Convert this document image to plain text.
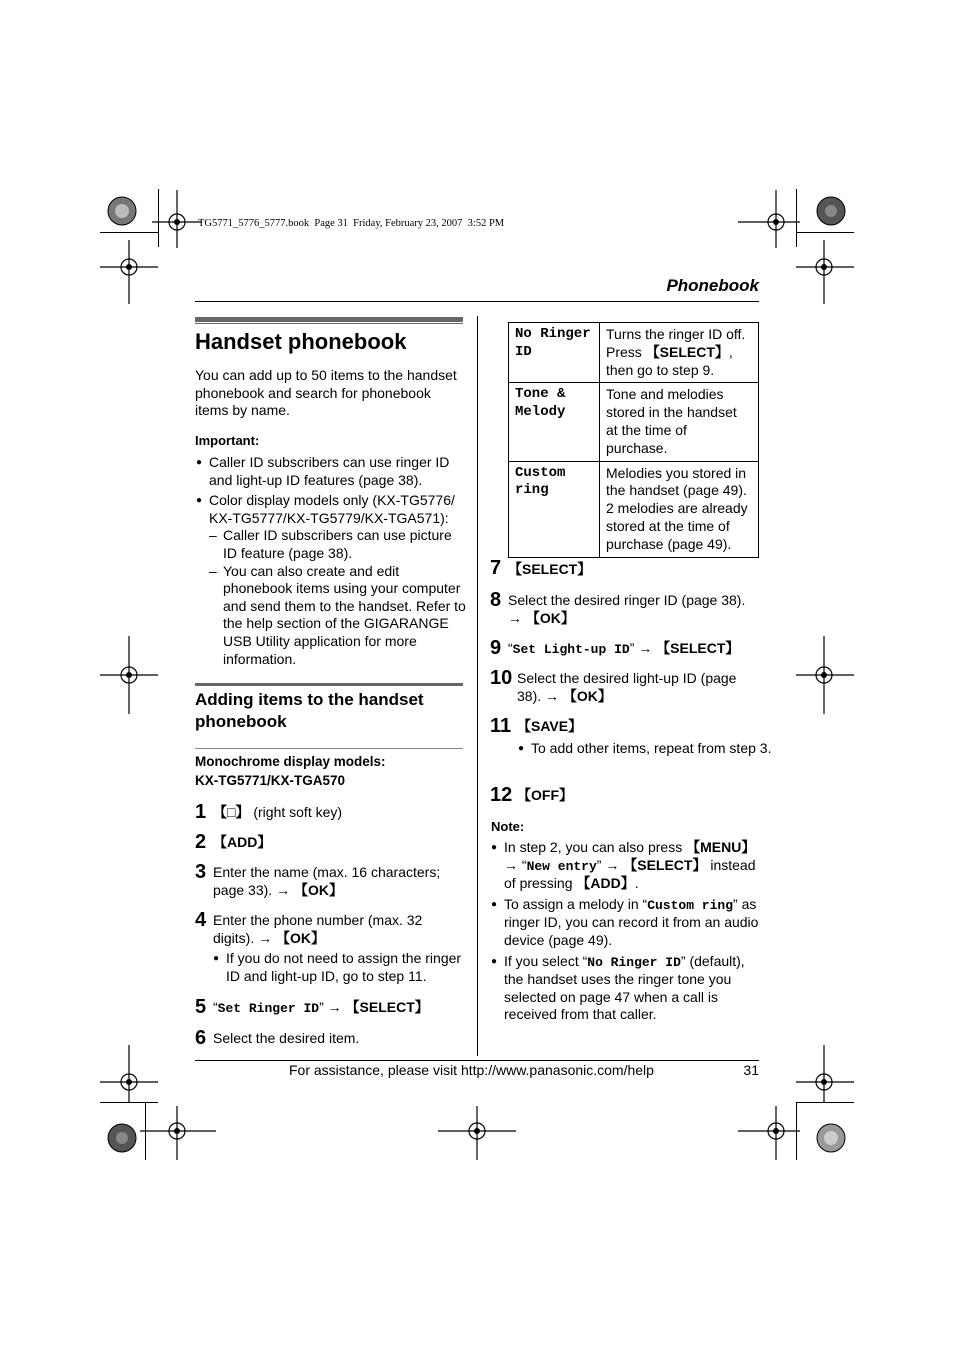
TG5771_5776_5777.book  Page 31  Friday, February 23, 2007  3:52 PM
Phonebook
Handset phonebook
You can add up to 50 items to the handset phonebook and search for phonebook items by name.
Important:
● Caller ID subscribers can use ringer ID and light-up ID features (page 38).
● Color display models only (KX-TG5776/ KX-TG5777/KX-TG5779/KX-TGA571):
– Caller ID subscribers can use picture ID feature (page 38).
– You can also create and edit phonebook items using your computer and send them to the handset. Refer to the help section of the GIGARANGE USB Utility application for more information.
Adding items to the handset
phonebook
Monochrome display models:
KX-TG5771/KX-TGA570
1 【□】 (right soft key)
2 【ADD】
3 Enter the name (max. 16 characters;
page 33). → 【OK】
4 Enter the phone number (max. 32
digits). → 【OK】
● If you do not need to assign the ringer ID and light-up ID, go to step 11.
5 “Set Ringer ID” → 【SELECT】
6 Select the desired item.
No Ringer ID	Turns the ringer ID off. Press 【SELECT】, then go to step 9.
Tone & Melody	Tone and melodies stored in the handset at the time of purchase.
Custom ring	Melodies you stored in the handset (page 49). 2 melodies are already stored at the time of purchase (page 49).
7 【SELECT】
8 Select the desired ringer ID (page 38).
→ 【OK】
9 “Set Light-up ID” → 【SELECT】
10 Select the desired light-up ID (page
38). → 【OK】
11 【SAVE】
● To add other items, repeat from step 3.
12 【OFF】
Note:
● In step 2, you can also press 【MENU】 → “New entry” → 【SELECT】 instead of pressing 【ADD】.
● To assign a melody in “Custom ring” as ringer ID, you can record it from an audio device (page 49).
● If you select “No Ringer ID” (default), the handset uses the ringer tone you selected on page 47 when a call is received from that caller.
For assistance, please visit http://www.panasonic.com/help	31
